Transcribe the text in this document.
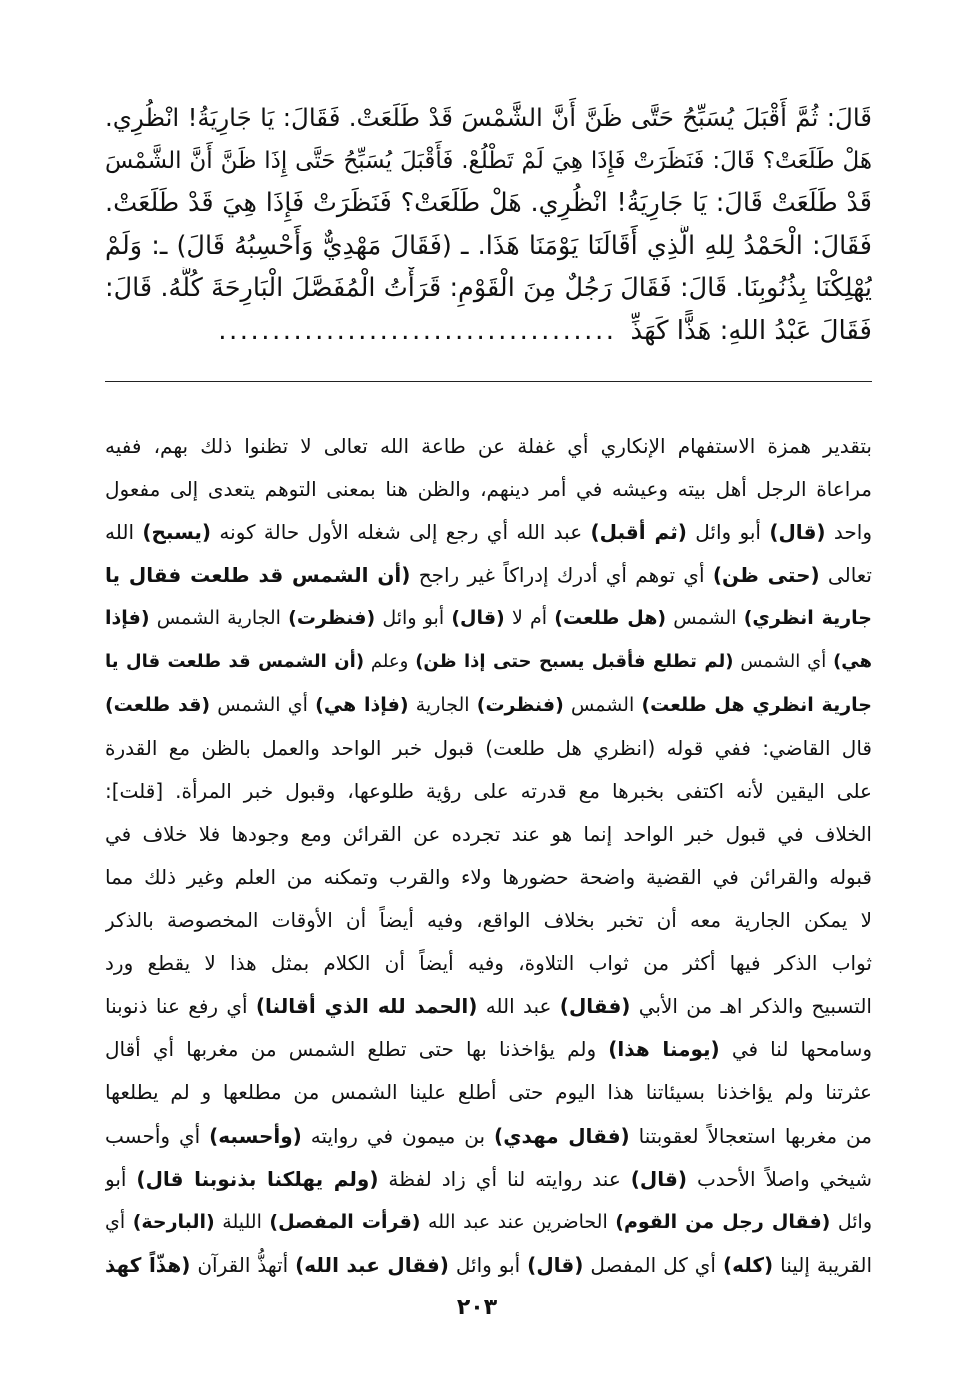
قَالَ: ثُمَّ أَقْبَلَ يُسَبِّحُ حَتَّى ظَنَّ أَنَّ الشَّمْسَ قَدْ طَلَعَتْ. فَقَالَ: يَا جَارِيَةُ! انْظُرِي.
هَلْ طَلَعَتْ؟ قَالَ: فَنَظَرَتْ فَإِذَا هِيَ لَمْ تَطْلُعْ. فَأَقْبَلَ يُسَبِّحُ حَتَّى إِذَا ظَنَّ أَنَّ الشَّمْسَ
قَدْ طَلَعَتْ قَالَ: يَا جَارِيَةُ! انْظُرِي. هَلْ طَلَعَتْ؟ فَنَظَرَتْ فَإِذَا هِيَ قَدْ طَلَعَتْ.
فَقَالَ: الْحَمْدُ لِلهِ الَّذِي أَقَالَنَا يَوْمَنَا هَذَا. ـ (فَقَالَ مَهْدِيٌّ وَأَحْسِبُهُ قَالَ) ـ: وَلَمْ
يُهْلِكْنَا بِذُنُوبِنَا. قَالَ: فَقَالَ رَجُلٌ مِنَ الْقَوْمِ: قَرَأْتُ الْمُفَصَّلَ الْبَارِحَةَ كُلَّهُ. قَالَ:
فَقَالَ عَبْدُ اللهِ: هَذًّا كَهَذِّ
.....................................
بتقدير همزة الاستفهام الإنكاري أي غفلة عن طاعة الله تعالى لا تظنوا ذلك بهم، ففيه
مراعاة الرجل أهل بيته وعيشه في أمر دينهم، والظن هنا بمعنى التوهم يتعدى إلى مفعول
واحد (قال) أبو وائل (ثم أقبل) عبد الله أي رجع إلى شغله الأول حالة كونه (يسبح) الله
تعالى (حتى ظن) أي توهم أي أدرك إدراكاً غير راجح (أن الشمس قد طلعت فقال يا
جارية انظري) الشمس (هل طلعت) أم لا (قال) أبو وائل (فنظرت) الجارية الشمس (فإذا
هي) أي الشمس (لم تطلع فأقبل يسبح حتى إذا ظن) وعلم (أن الشمس قد طلعت قال يا
جارية انظري هل طلعت) الشمس (فنظرت) الجارية (فإذا هي) أي الشمس (قد طلعت)
قال القاضي: ففي قوله (انظري هل طلعت) قبول خبر الواحد والعمل بالظن مع القدرة
على اليقين لأنه اكتفى بخبرها مع قدرته على رؤية طلوعها، وقبول خبر المرأة. [قلت]:
الخلاف في قبول خبر الواحد إنما هو عند تجرده عن القرائن ومع وجودها فلا خلاف في
قبوله والقرائن في القضية واضحة حضورها ولاء والقرب وتمكنه من العلم وغير ذلك مما
لا يمكن الجارية معه أن تخبر بخلاف الواقع، وفيه أيضاً أن الأوقات المخصوصة بالذكر
ثواب الذكر فيها أكثر من ثواب التلاوة، وفيه أيضاً أن الكلام بمثل هذا لا يقطع ورد
التسبيح والذكر اهـ من الأبي (فقال) عبد الله (الحمد لله الذي أقالنا) أي رفع عنا ذنوبنا
وسامحها لنا في (يومنا هذا) ولم يؤاخذنا بها حتى تطلع الشمس من مغربها أي أقال
عثرتنا ولم يؤاخذنا بسيئاتنا هذا اليوم حتى أطلع علينا الشمس من مطلعها و لم يطلعها
من مغربها استعجالاً لعقوبتنا (فقال مهدي) بن ميمون في روايته (وأحسبه) أي وأحسب
شيخي واصلاً الأحدب (قال) عند روايته لنا أي زاد لفظة (ولم يهلكنا بذنوبنا قال) أبو
وائل (فقال رجل من القوم) الحاضرين عند عبد الله (قرأت المفصل) الليلة (البارحة) أي
القريبة إلينا (كله) أي كل المفصل (قال) أبو وائل (فقال عبد الله) أتهذُّ القرآن (هذّاً كهذ
٢٠٣
